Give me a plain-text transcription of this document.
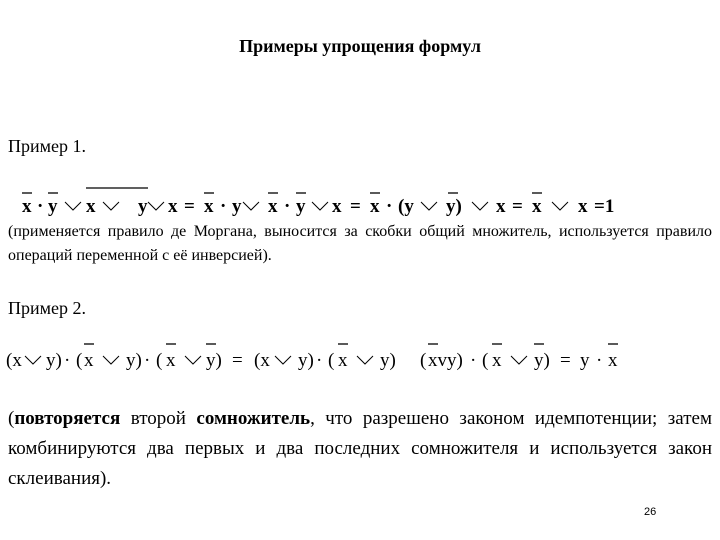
Примеры упрощения формул
Пример 1.
x · y x y x = x · y x · y x = x · (y y) x = x x =1
(применяется правило де Моргана, выносится за скобки общий множитель, используется правило операций переменной с её инверсией).
Пример 2.
(x y) · ( x y) · ( x y) = (x y) · ( x y) ( xvy) · ( x y) = y · x
(повторяется второй сомножитель, что разрешено законом идемпотенции; затем комбинируются два первых и два последних сомножителя и используется закон склеивания).
26
